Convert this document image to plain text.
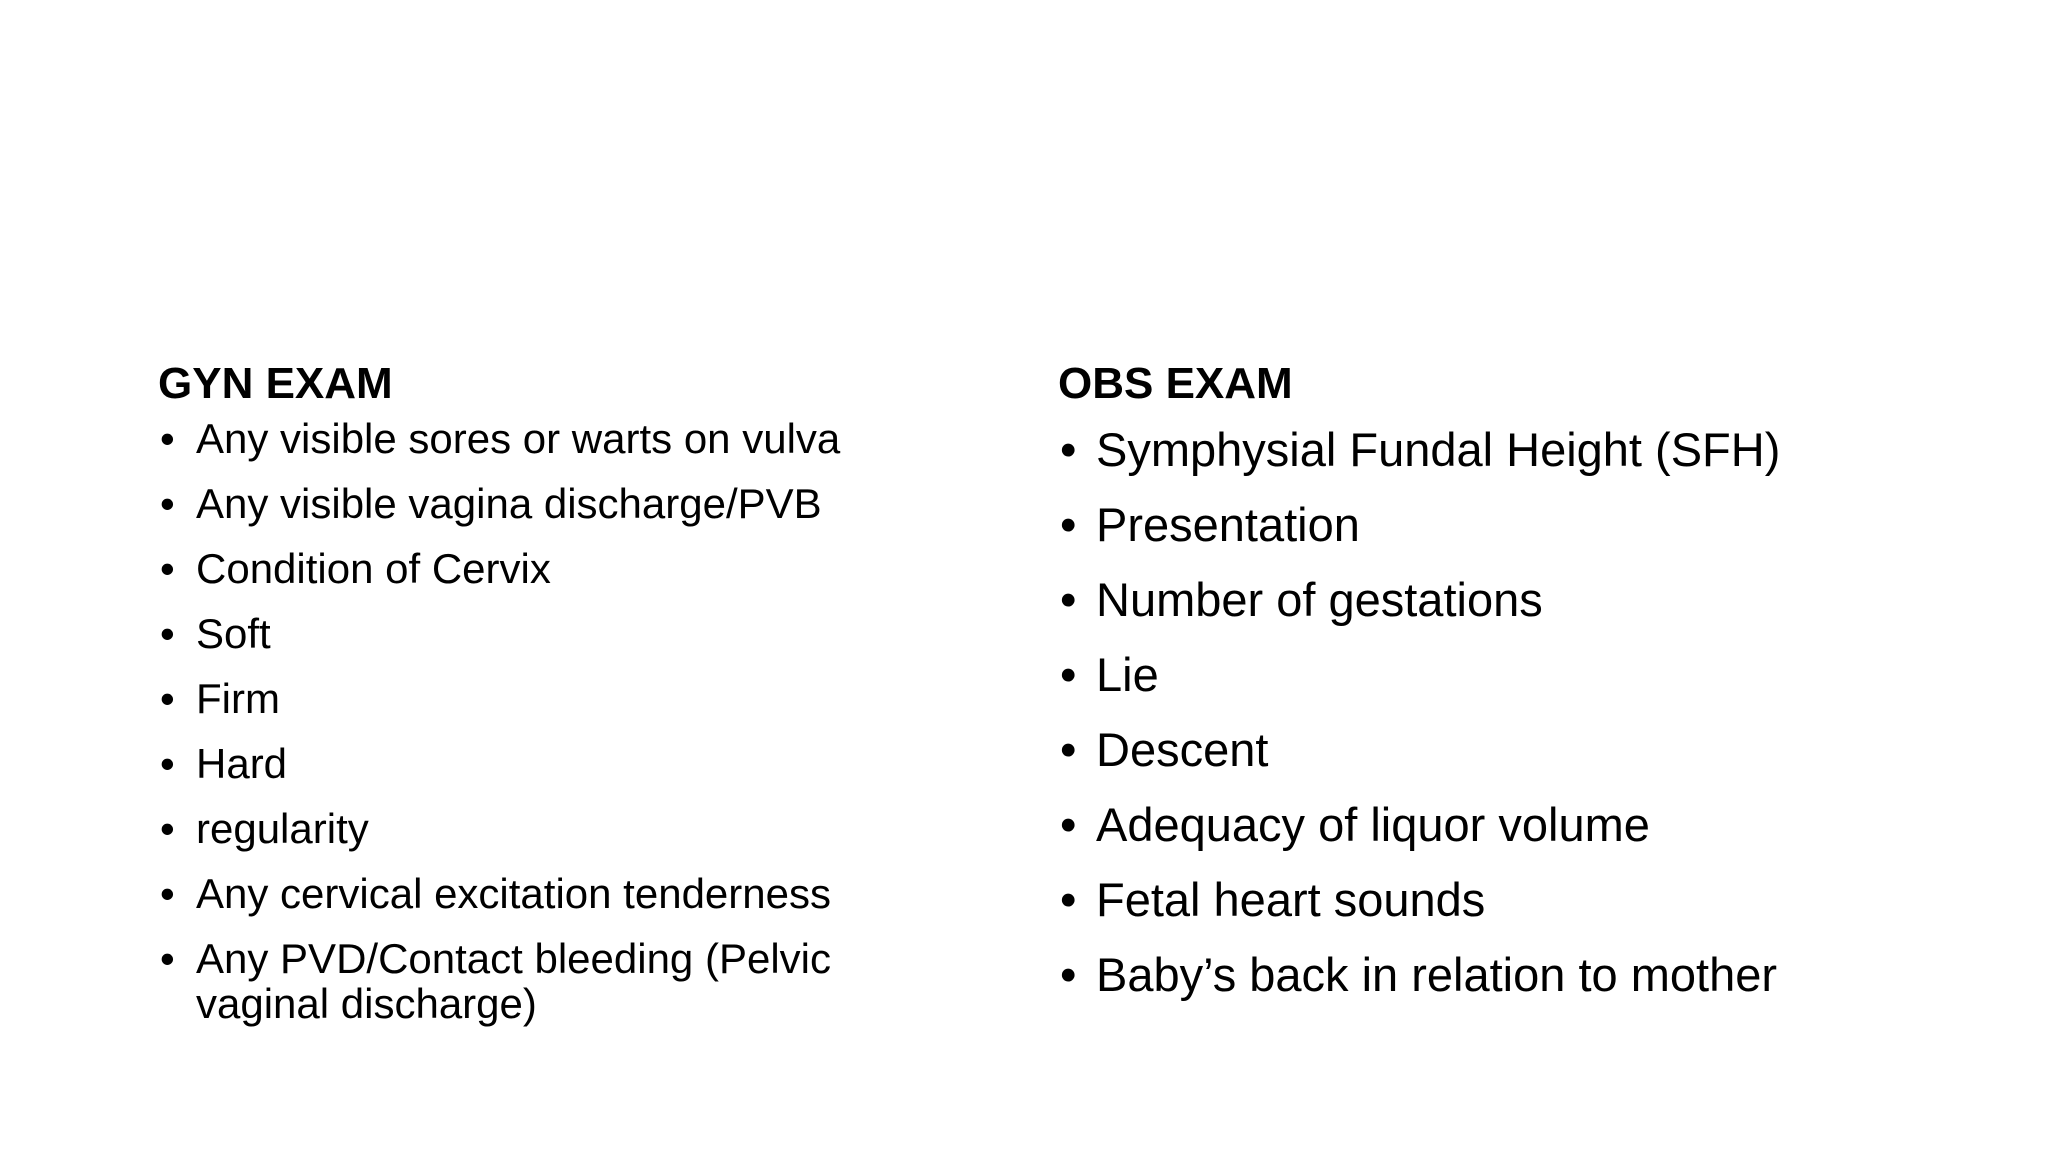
GYN EXAM
• Any visible sores or warts on vulva
• Any visible vagina discharge/PVB
• Condition of Cervix
• Soft
• Firm
• Hard
• regularity
• Any cervical excitation tenderness
• Any PVD/Contact bleeding (Pelvic vaginal discharge)
OBS EXAM
• Symphysial Fundal Height (SFH)
• Presentation
• Number of gestations
• Lie
• Descent
• Adequacy of liquor volume
• Fetal heart sounds
• Baby’s back in relation to mother
